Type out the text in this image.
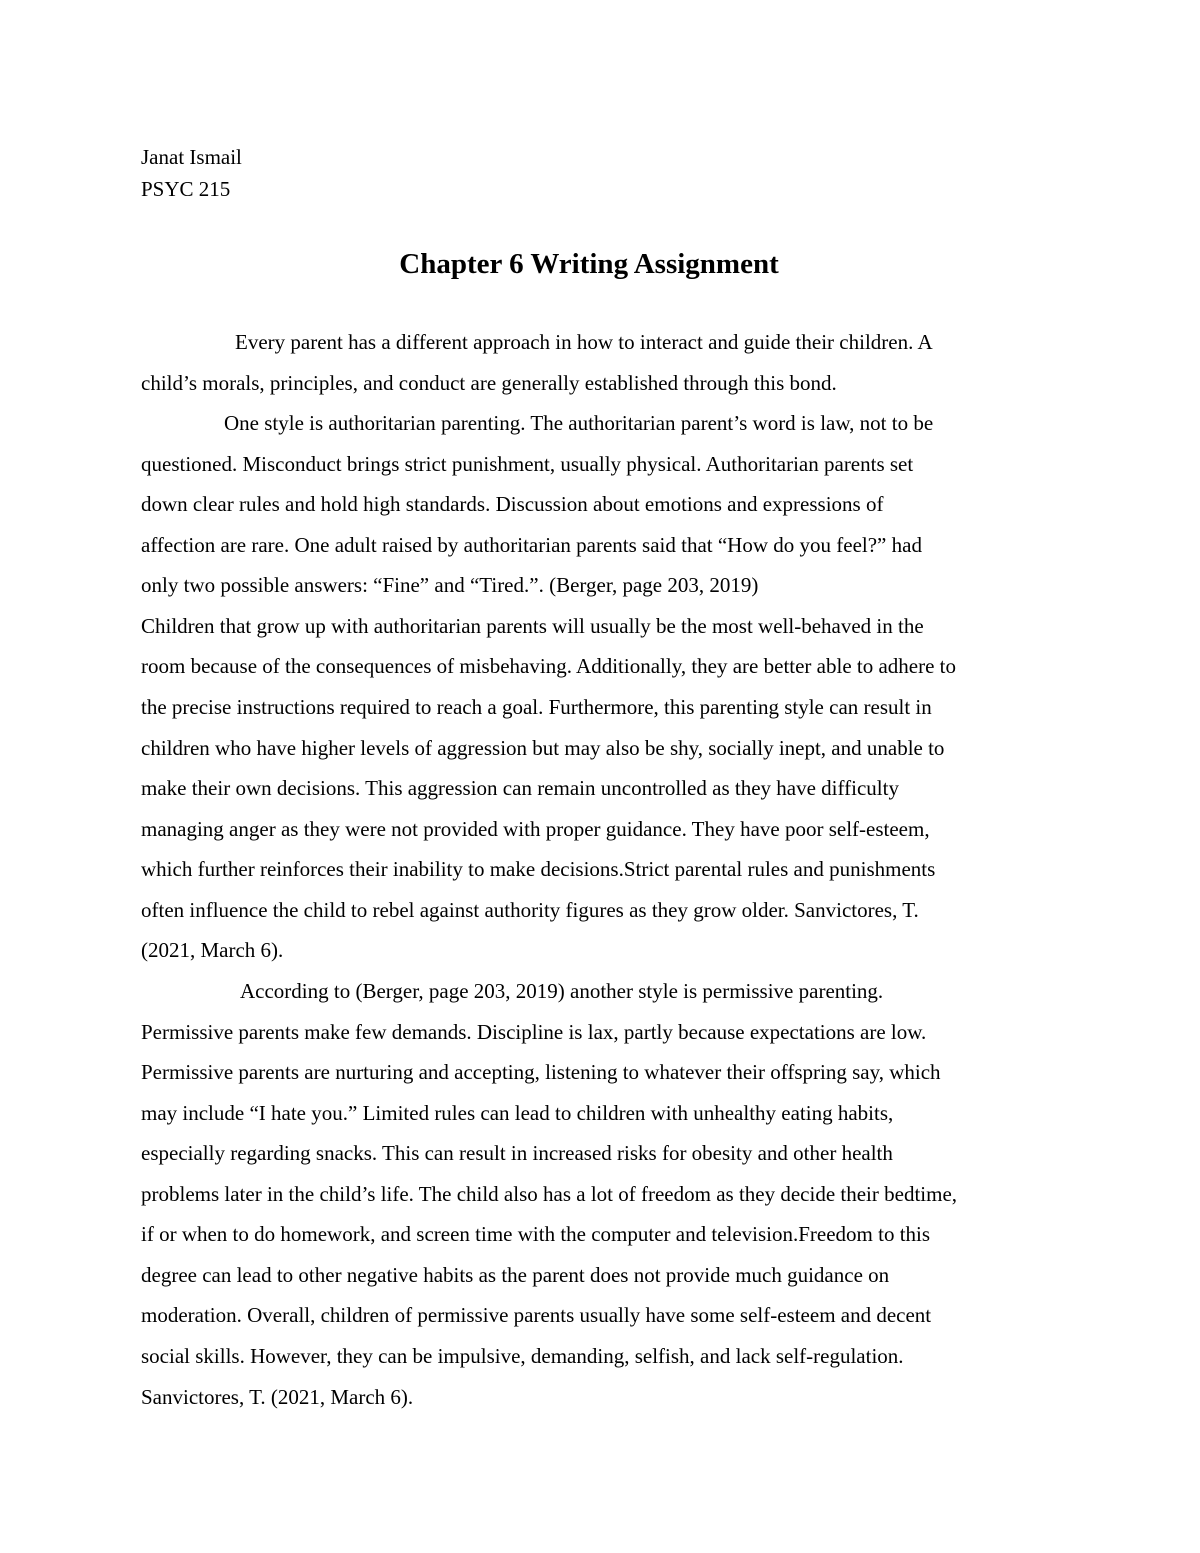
Janat Ismail
PSYC 215
Chapter 6 Writing Assignment
Every parent has a different approach in how to interact and guide their children. A
child’s morals, principles, and conduct are generally established through this bond.
One style is authoritarian parenting. The authoritarian parent’s word is law, not to be
questioned. Misconduct brings strict punishment, usually physical. Authoritarian parents set
down clear rules and hold high standards. Discussion about emotions and expressions of
affection are rare. One adult raised by authoritarian parents said that “How do you feel?” had
only two possible answers: “Fine” and “Tired.”. (Berger, page 203, 2019)
Children that grow up with authoritarian parents will usually be the most well-behaved in the
room because of the consequences of misbehaving. Additionally, they are better able to adhere to
the precise instructions required to reach a goal. Furthermore, this parenting style can result in
children who have higher levels of aggression but may also be shy, socially inept, and unable to
make their own decisions. This aggression can remain uncontrolled as they have difficulty
managing anger as they were not provided with proper guidance. They have poor self-esteem,
which further reinforces their inability to make decisions.Strict parental rules and punishments
often influence the child to rebel against authority figures as they grow older. Sanvictores, T.
(2021, March 6).
According to (Berger, page 203, 2019) another style is permissive parenting.
Permissive parents make few demands. Discipline is lax, partly because expectations are low.
Permissive parents are nurturing and accepting, listening to whatever their offspring say, which
may include “I hate you.” Limited rules can lead to children with unhealthy eating habits,
especially regarding snacks. This can result in increased risks for obesity and other health
problems later in the child’s life. The child also has a lot of freedom as they decide their bedtime,
if or when to do homework, and screen time with the computer and television.Freedom to this
degree can lead to other negative habits as the parent does not provide much guidance on
moderation. Overall, children of permissive parents usually have some self-esteem and decent
social skills. However, they can be impulsive, demanding, selfish, and lack self-regulation.
Sanvictores, T. (2021, March 6).
